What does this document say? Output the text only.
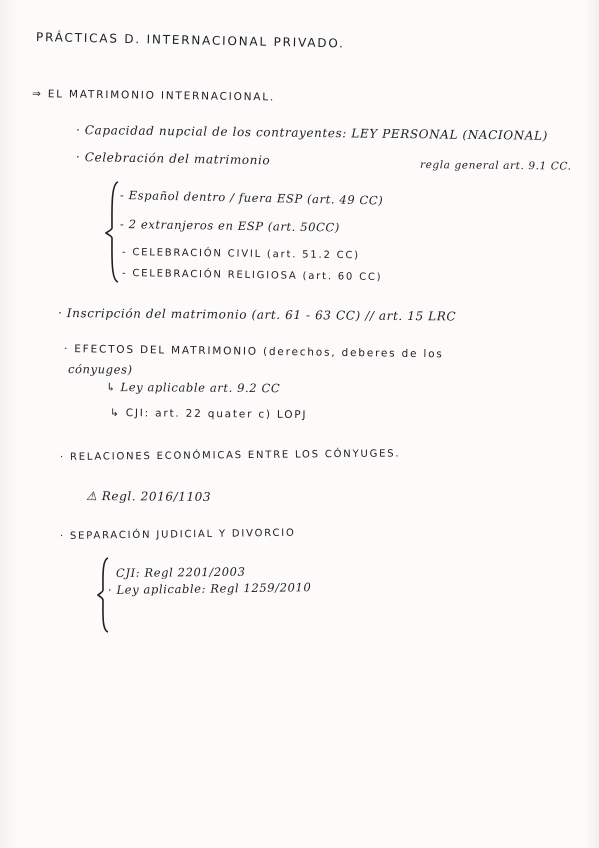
PRÁCTICAS D. INTERNACIONAL PRIVADO.
⇒ EL MATRIMONIO INTERNACIONAL.
· Capacidad nupcial de los contrayentes: LEY PERSONAL (NACIONAL)
· Celebración del matrimonio	regla general art. 9.1 CC.
- Español dentro / fuera ESP (art. 49 CC)
- 2 extranjeros en ESP (art. 50CC)
- CELEBRACIÓN CIVIL (art. 51.2 CC)
- CELEBRACIÓN RELIGIOSA (art. 60 CC)
· Inscripción del matrimonio (art. 61 - 63 CC) // art. 15 LRC
· EFECTOS DEL MATRIMONIO (derechos, deberes de los
cónyuges)
↳ Ley aplicable art. 9.2 CC
↳ CJI: art. 22 quater c) LOPJ
· RELACIONES ECONÓMICAS ENTRE LOS CÓNYUGES.
⚠ Regl. 2016/1103
· SEPARACIÓN JUDICIAL Y DIVORCIO
CJI: Regl 2201/2003
· Ley aplicable: Regl 1259/2010
